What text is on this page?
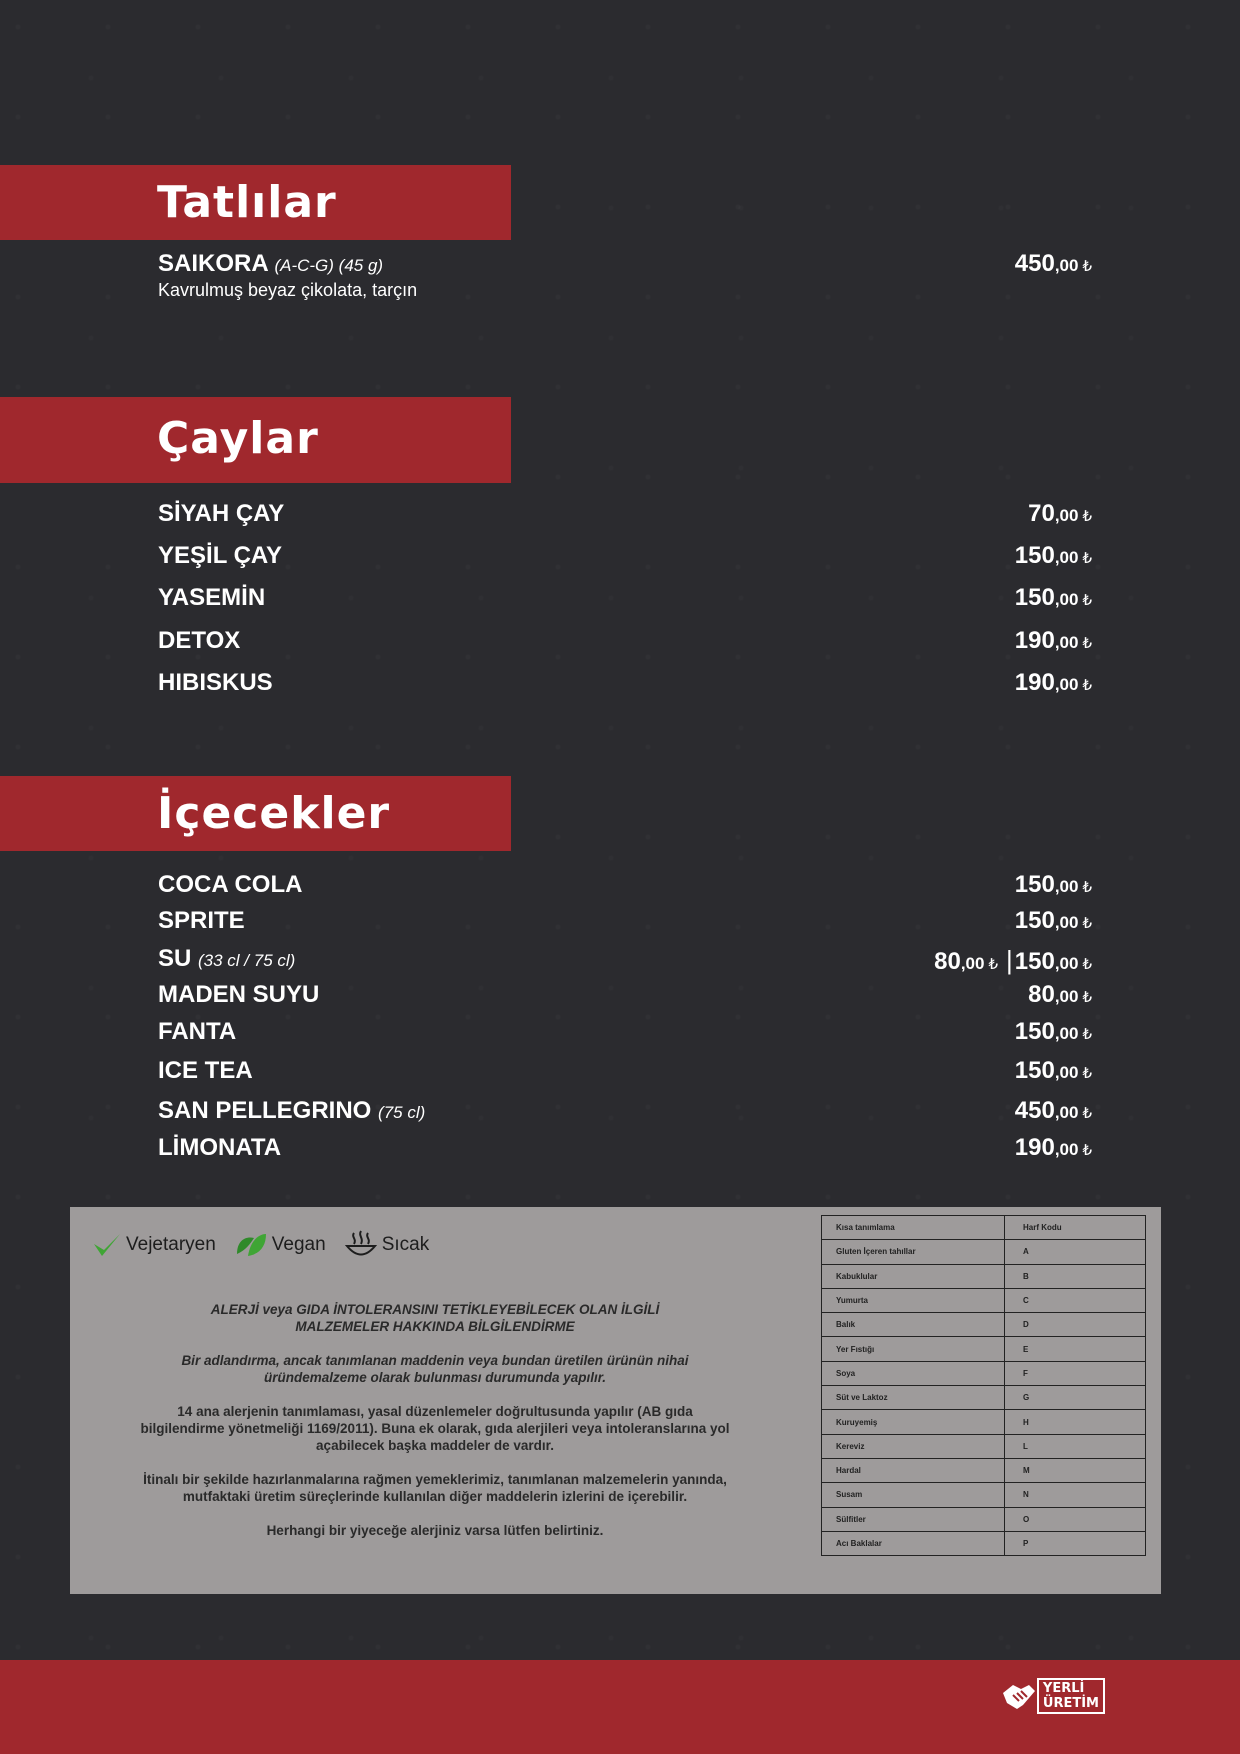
Tatlılar
SAIKORA (A-C-G) (45 g)
Kavrulmuş beyaz çikolata, tarçın
450,00 ₺
Çaylar
SİYAH ÇAY	70,00 ₺
YEŞİL ÇAY	150,00 ₺
YASEMİN	150,00 ₺
DETOX	190,00 ₺
HIBISKUS	190,00 ₺
İçecekler
COCA COLA	150,00 ₺
SPRITE	150,00 ₺
SU (33 cl / 75 cl)	80,00 ₺ |150,00 ₺
MADEN SUYU	80,00 ₺
FANTA	150,00 ₺
ICE TEA	150,00 ₺
SAN PELLEGRINO (75 cl)	450,00 ₺
LİMONATA	190,00 ₺
Vejetaryen	Vegan	Sıcak

ALERJİ veya GIDA İNTOLERANSINI TETİKLEYEBİLECEK OLAN İLGİLİ
MALZEMELER HAKKINDA BİLGİLENDİRME

Bir adlandırma, ancak tanımlanan maddenin veya bundan üretilen ürünün nihai
üründemalzeme olarak bulunması durumunda yapılır.

14 ana alerjenin tanımlaması, yasal düzenlemeler doğrultusunda yapılır (AB gıda
bilgilendirme yönetmeliği 1169/2011). Buna ek olarak, gıda alerjileri veya intoleranslarına yol
açabilecek başka maddeler de vardır.

İtinalı bir şekilde hazırlanmalarına rağmen yemeklerimiz, tanımlanan malzemelerin yanında,
mutfaktaki üretim süreçlerinde kullanılan diğer maddelerin izlerini de içerebilir.

Herhangi bir yiyeceğe alerjiniz varsa lütfen belirtiniz.

Kısa tanımlama	Harf Kodu
Gluten İçeren tahıllar	A
Kabuklular	B
Yumurta	C
Balık	D
Yer Fıstığı	E
Soya	F
Süt ve Laktoz	G
Kuruyemiş	H
Kereviz	L
Hardal	M
Susam	N
Sülfitler	O
Acı Baklalar	P
YERLİ
ÜRETİM
